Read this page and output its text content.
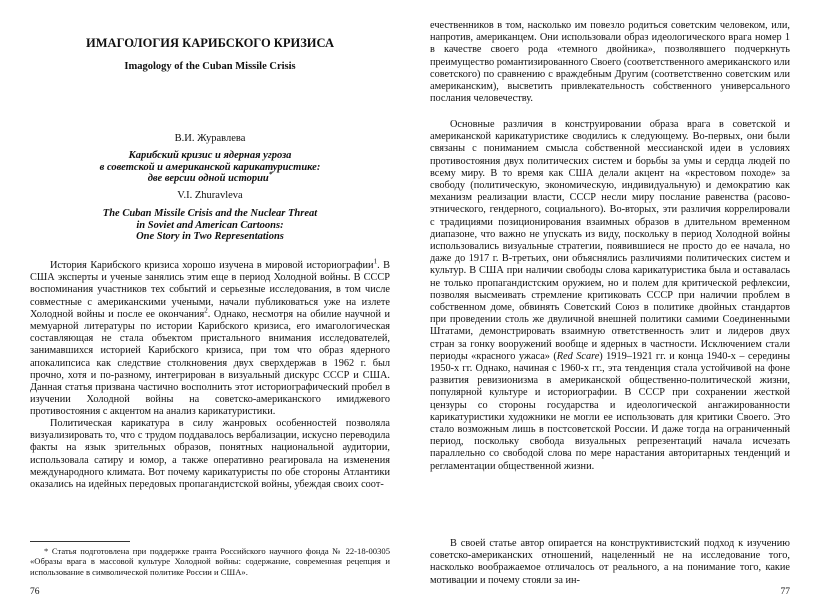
ИМАГОЛОГИЯ КАРИБСКОГО КРИЗИСА
Imagology of the Cuban Missile Crisis
В.И. Журавлева
Карибский кризис и ядерная угроза
в советской и американской карикатуристике:
две версии одной истории*
V.I. Zhuravleva
The Cuban Missile Crisis and the Nuclear Threat
in Soviet and American Cartoons:
One Story in Two Representations

История Карибского кризиса хорошо изучена в мировой историографии$^1$. В США эксперты и ученые занялись этим еще в период Холодной войны. В СССР воспоминания участников тех событий и серьезные исследования, в том числе совместные с американскими учеными, начали публиковаться уже на излете Холодной войны и после ее окончания$^2$. Однако, несмотря на обилие научной и мемуарной литературы по истории Карибского кризиса, его имагологическая составляющая не стала объектом пристального внимания исследователей, занимавшихся историей Карибского кризиса, при том что образ ядерного апокалипсиса как следствие столкновения двух сверхдержав в 1962 г. был прочно, хотя и по-разному, интегрирован в визуальный дискурс СССР и США. Данная статья призвана частично восполнить этот историографический пробел в изучении Холодной войны на советско-американского имиджевого противостояния с акцентом на анализ карикатуристики.

Политическая карикатура в силу жанровых особенностей позволяла визуализировать то, что с трудом поддавалось вербализации, искусно переводила факты на язык зрительных образов, понятных национальной аудитории, использовала сатиру и юмор, а также оперативно реагировала на изменения международного климата. Вот почему карикатуристы по обе стороны Атлантики оказались на идейных передовых пропагандистской войны, убеждая своих соот-

* Статья подготовлена при поддержке гранта Российского научного фонда № 22-18-00305 «Образы врага в массовой культуре Холодной войны: содержание, современная рецепция и использование в символической политике России и США».
76

ечественников в том, насколько им повезло родиться советским человеком, или, напротив, американцем. Они использовали образ идеологического врага номер 1 в качестве своего рода «темного двойника», позволявшего подчеркнуть преимущество романтизированного Своего (соответственного американского или советского) по сравнению с враждебным Другим (соответственно советским или американским), высветить привлекательность собственного универсального послания человечеству.

Основные различия в конструировании образа врага в советской и американской карикатуристике сводились к следующему. Во-первых, они были связаны с пониманием смысла собственной мессианской идеи в условиях противостояния двух политических систем и борьбы за умы и сердца людей по всему миру. В то время как США делали акцент на «крестовом походе» за свободу (политическую, экономическую, индивидуальную) и демократию как механизм реализации власти, СССР несли миру послание равенства (расово-этнического, гендерного, социального). Во-вторых, эти различия коррелировали с традициями позиционирования взаимных образов в длительном временном диапазоне, что важно не упускать из виду, поскольку в период Холодной войны использовались визуальные стратегии, появившиеся не просто до ее начала, но даже до 1917 г. В-третьих, они объяснялись различиями политических систем и культур. В США при наличии свободы слова карикатуристика была и оставалась не только пропагандистским оружием, но и полем для критической рефлексии, позволяя высмеивать стремление критиковать СССР при наличии проблем в собственном доме, обвинять Советский Союз в политике двойных стандартов при проведении столь же двуличной внешней политики самими Соединенными Штатами, демонстрировать взаимную ответственность элит и лидеров двух стран за гонку вооружений вообще и ядерных в частности. Исключением стали периоды «красного ужаса» (Red Scare) 1919–1921 гг. и конца 1940-х – середины 1950-х гг. Однако, начиная с 1960-х гг., эта тенденция стала устойчивой на фоне развития ревизионизма в американской общественно-политической жизни, популярной культуре и историографии. В СССР при сохранении жесткой цензуры со стороны государства и идеологической ангажированности карикатуристики художники не могли ее использовать для критики Своего. Это стало возможным лишь в постсоветской России. И даже тогда на ограниченный период, поскольку свобода визуальных репрезентаций начала исчезать параллельно со свободой слова по мере нарастания авторитарных тенденций и регламентации общественной жизни.

В своей статье автор опирается на конструктивистский подход к изучению советско-американских отношений, нацеленный не на исследование того, насколько воображаемое отличалось от реального, а на понимание того, какие мотивации и почему стояли за ин-

77
